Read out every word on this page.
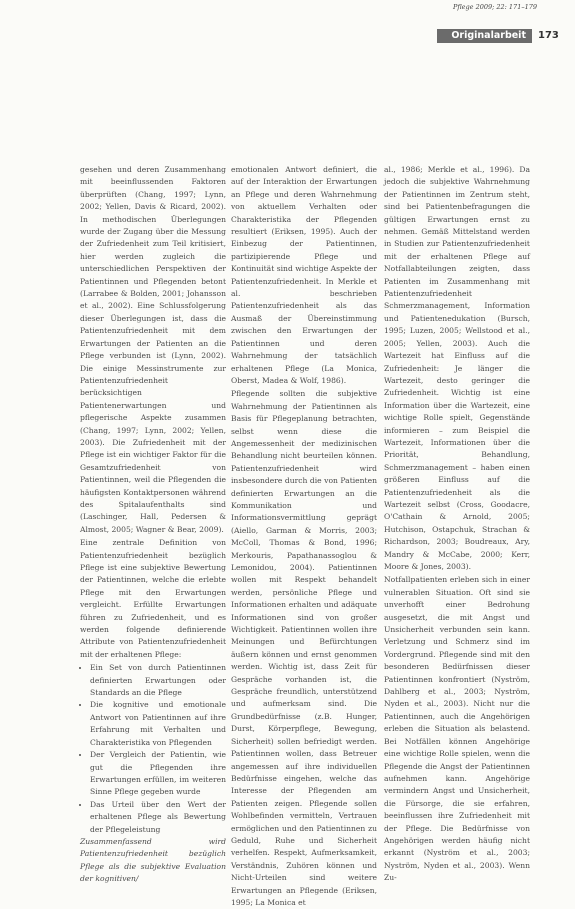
Pflege 2009; 22: 171–179
Originalarbeit	173

gesehen und deren Zusammenhang mit beeinflussenden Faktoren überprüften (Chang, 1997; Lynn, 2002; Yellen, Davis & Ricard, 2002). In methodischen Überlegungen wurde der Zugang über die Messung der Zufriedenheit zum Teil kritisiert, hier werden zugleich die unterschiedlichen Perspektiven der Patientinnen und Pflegenden betont (Larrabee & Bolden, 2001; Johansson et al., 2002). Eine Schlussfolgerung dieser Überlegungen ist, dass die Patientenzufriedenheit mit dem Erwartungen der Patienten an die Pflege verbunden ist (Lynn, 2002). Die einige Messinstrumente zur Patientenzufriedenheit berücksichtigen Patientenerwartungen und pflegerische Aspekte zusammen (Chang, 1997; Lynn, 2002; Yellen, 2003). Die Zufriedenheit mit der Pflege ist ein wichtiger Faktor für die Gesamtzufriedenheit von Patientinnen, weil die Pflegenden die häufigsten Kontaktpersonen während des Spitalaufenthalts sind (Laschinger, Hall, Pedersen & Almost, 2005; Wagner & Bear, 2009).

Eine zentrale Definition von Patientenzufriedenheit bezüglich Pflege ist eine subjektive Bewertung der Patientinnen, welche die erlebte Pflege mit den Erwartungen vergleicht. Erfüllte Erwartungen führen zu Zufriedenheit, und es werden folgende definierende Attribute von Patientenzufriedenheit mit der erhaltenen Pflege:

• Ein Set von durch Patientinnen definierten Erwartungen oder Standards an die Pflege
• Die kognitive und emotionale Antwort von Patientinnen auf ihre Erfahrung mit Verhalten und Charakteristika von Pflegenden
• Der Vergleich der Patientin, wie gut die Pflegenden ihre Erwartungen erfüllen, im weiteren Sinne Pflege gegeben wurde
• Das Urteil über den Wert der erhaltenen Pflege als Bewertung der Pflegeleistung

Zusammenfassend wird Patientenzufriedenheit bezüglich Pflege als die subjektive Evaluation der kognitiven/

emotionalen Antwort definiert, die auf der Interaktion der Erwartungen an Pflege und deren Wahrnehmung von aktuellem Verhalten oder Charakteristika der Pflegenden resultiert (Eriksen, 1995). Auch der Einbezug der Patientinnen, partizipierende Pflege und Kontinuität sind wichtige Aspekte der Patientenzufriedenheit. In Merkle et al. beschrieben Patientenzufriedenheit als das Ausmaß der Übereinstimmung zwischen den Erwartungen der Patientinnen und deren Wahrnehmung der tatsächlich erhaltenen Pflege (La Monica, Oberst, Madea & Wolf, 1986).

Pflegende sollten die subjektive Wahrnehmung der Patientinnen als Basis für Pflegeplanung betrachten, selbst wenn diese die Angemessenheit der medizinischen Behandlung nicht beurteilen können. Patientenzufriedenheit wird insbesondere durch die von Patienten definierten Erwartungen an die Kommunikation und Informationsvermittlung geprägt (Aiello, Garman & Morris, 2003; McColl, Thomas & Bond, 1996; Merkouris, Papathanassoglou & Lemonidou, 2004). Patientinnen wollen mit Respekt behandelt werden, persönliche Pflege und Informationen erhalten und adäquate Informationen sind von großer Wichtigkeit. Patientinnen wollen ihre Meinungen und Befürchtungen äußern können und ernst genommen werden. Wichtig ist, dass Zeit für Gespräche vorhanden ist, die Gespräche freundlich, unterstützend und aufmerksam sind. Die Grundbedürfnisse (z.B. Hunger, Durst, Körperpflege, Bewegung, Sicherheit) sollen befriedigt werden. Patientinnen wollen, dass Betreuer angemessen auf ihre individuellen Bedürfnisse eingehen, welche das Interesse der Pflegenden am Patienten zeigen. Pflegende sollen Wohlbefinden vermitteln, Vertrauen ermöglichen und den Patientinnen zu Geduld, Ruhe und Sicherheit verhelfen. Respekt, Aufmerksamkeit, Verständnis, Zuhören können und Nicht-Urteilen sind weitere Erwartungen an Pflegende (Eriksen, 1995; La Monica et

al., 1986; Merkle et al., 1996). Da jedoch die subjektive Wahrnehmung der Patientinnen im Zentrum steht, sind bei Patientenbefragungen die gültigen Erwartungen ernst zu nehmen. Gemäß Mittelstand werden in Studien zur Patientenzufriedenheit mit der erhaltenen Pflege auf Notfallabteilungen zeigten, dass Patienten im Zusammenhang mit Patientenzufriedenheit Schmerzmanagement, Information und Patientenedukation (Bursch, 1995; Luzen, 2005; Wellstood et al., 2005; Yellen, 2003). Auch die Wartezeit hat Einfluss auf die Zufriedenheit: Je länger die Wartezeit, desto geringer die Zufriedenheit. Wichtig ist eine Information über die Wartezeit, eine wichtige Rolle spielt, Gegenstände informieren – zum Beispiel die Wartezeit, Informationen über die Priorität, Behandlung, Schmerzmanagement – haben einen größeren Einfluss auf die Patientenzufriedenheit als die Wartezeit selbst (Cross, Goodacre, O'Cathain & Arnold, 2005; Hutchison, Ostapchuk, Strachan & Richardson, 2003; Boudreaux, Ary, Mandry & McCabe, 2000; Kerr, Moore & Jones, 2003).

Notfallpatienten erleben sich in einer vulnerablen Situation. Oft sind sie unverhofft einer Bedrohung ausgesetzt, die mit Angst und Unsicherheit verbunden sein kann. Verletzung und Schmerz sind im Vordergrund. Pflegende sind mit den besonderen Bedürfnissen dieser Patientinnen konfrontiert (Nyström, Dahlberg et al., 2003; Nyström, Nyden et al., 2003). Nicht nur die Patientinnen, auch die Angehörigen erleben die Situation als belastend. Bei Notfällen können Angehörige eine wichtige Rolle spielen, wenn die Pflegende die Angst der Patientinnen aufnehmen kann. Angehörige vermindern Angst und Unsicherheit, die Fürsorge, die sie erfahren, beeinflussen ihre Zufriedenheit mit der Pflege. Die Bedürfnisse von Angehörigen werden häufig nicht erkannt (Nyström et al., 2003; Nyström, Nyden et al., 2003). Wenn Zu-
